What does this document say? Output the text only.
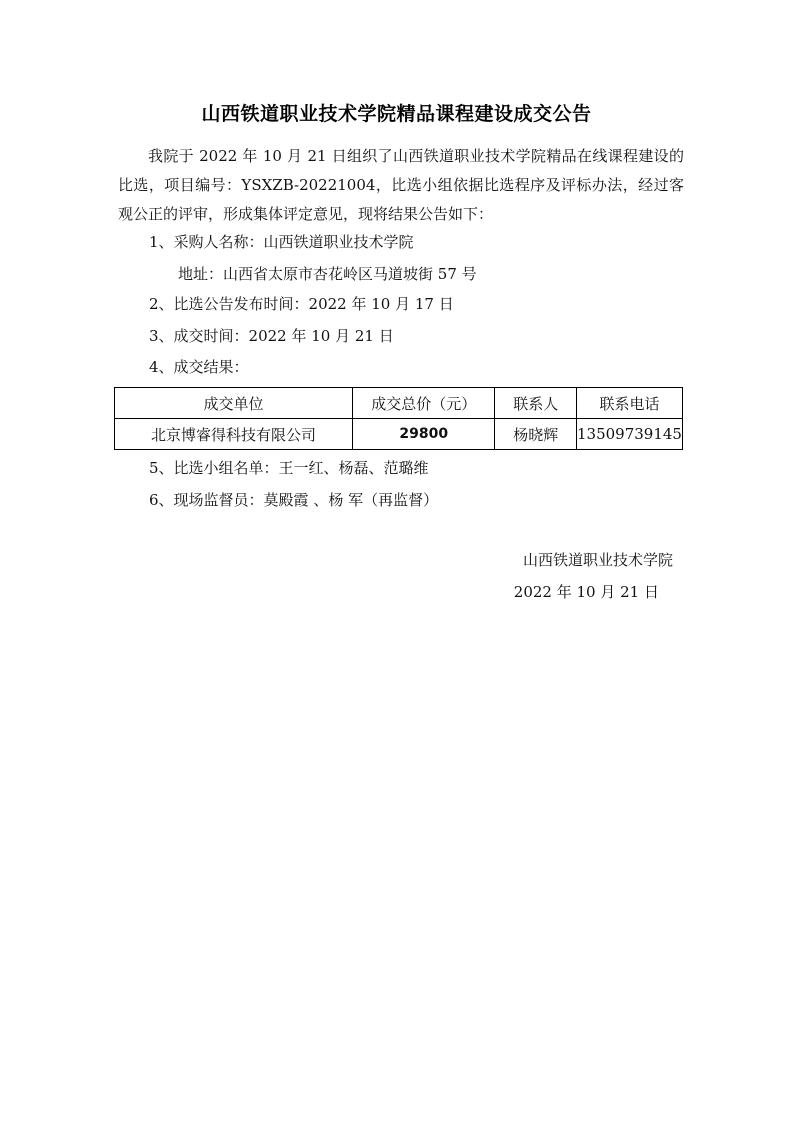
山西铁道职业技术学院精品课程建设成交公告
我院于 2022 年 10 月 21 日组织了山西铁道职业技术学院精品在线课程建设的比选，项目编号：YSXZB-20221004，比选小组依据比选程序及评标办法，经过客观公正的评审，形成集体评定意见，现将结果公告如下：
1、采购人名称：山西铁道职业技术学院
地址：山西省太原市杏花岭区马道坡街 57 号
2、比选公告发布时间：2022 年 10 月 17 日
3、成交时间：2022 年 10 月 21 日
4、成交结果：
成交单位	成交总价（元）	联系人	联系电话
北京博睿得科技有限公司	29800	杨晓辉	13509739145
5、比选小组名单：王一红、杨磊、范璐维
6、现场监督员：莫殿霞 、杨 军（再监督）
山西铁道职业技术学院
2022 年 10 月 21 日
